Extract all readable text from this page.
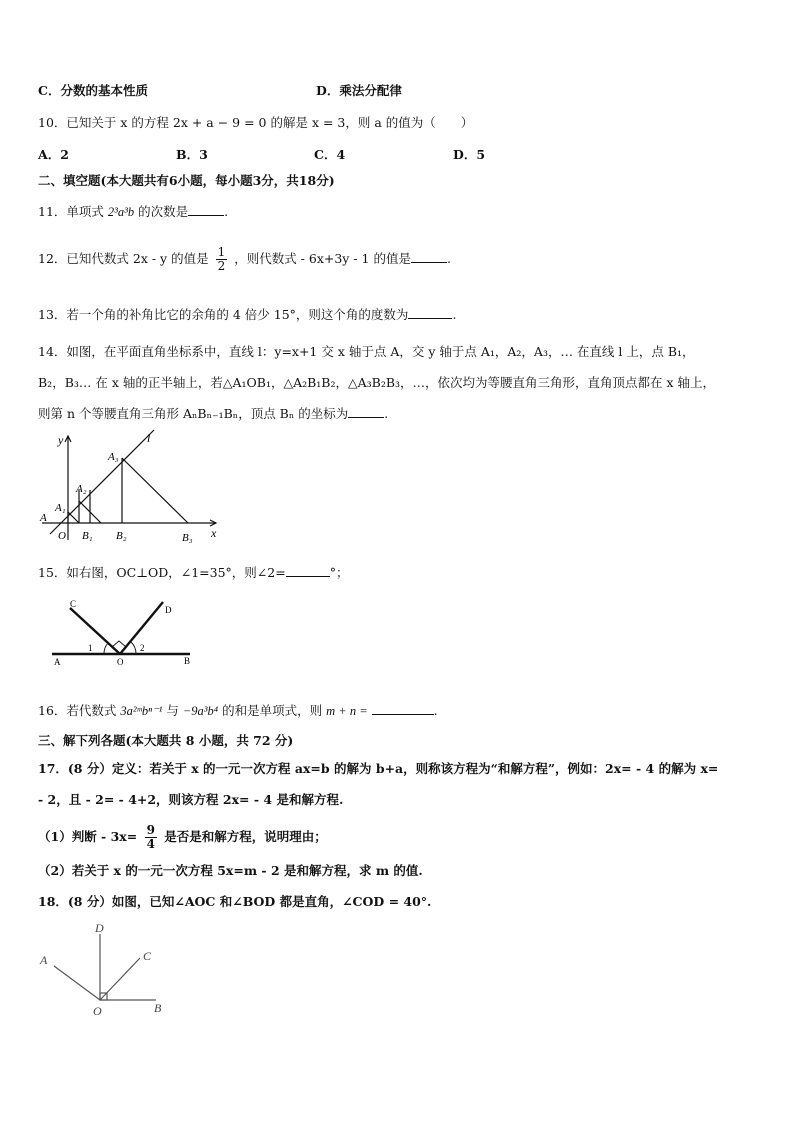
C．分数的基本性质	D．乘法分配律
10．已知关于 x 的方程 2x + a − 9 = 0 的解是 x = 3，则 a 的值为（　　）
A．2	B．3	C．4	D．5
二、填空题(本大题共有6小题，每小题3分，共18分)
11．单项式 2³a³b 的次数是	.
12．已知代数式 2x - y 的值是 $\frac{1}{2}$ ，则代数式 - 6x+3y - 1 的值是	.
13．若一个角的补角比它的余角的 4 倍少 15°，则这个角的度数为	.
14．如图，在平面直角坐标系中，直线 l：y=x+1 交 x 轴于点 A，交 y 轴于点 A₁，A₂，A₃，… 在直线 l 上，点 B₁，
B₂，B₃… 在 x 轴的正半轴上，若△A₁OB₁，△A₂B₁B₂，△A₃B₂B₃，…，依次均为等腰直角三角形，直角顶点都在 x 轴上，
则第 n 个等腰直角三角形 AₙBₙ₋₁Bₙ，顶点 Bₙ 的坐标为	.
y	l
A₃
A₂
A₁
A
O B₁ B₂	B₃ x
15．如右图，OC⊥OD，∠1=35°，则∠2=	°；
C
D
1	2
A	O	B
16．若代数式 3a²ᵐbⁿ⁻¹ 与 −9a³b⁴ 的和是单项式，则 m + n =	.
三、解下列各题(本大题共 8 小题，共 72 分)
17．(8 分）定义：若关于 x 的一元一次方程 ax=b 的解为 b+a，则称该方程为“和解方程”，例如：2x= - 4 的解为 x=
- 2，且 - 2= - 4+2，则该方程 2x= - 4 是和解方程.
（1）判断 - $3x= \frac{9}{4}$ 是否是和解方程，说明理由；
（2）若关于 x 的一元一次方程 5x=m - 2 是和解方程，求 m 的值.
18．(8 分）如图，已知∠AOC 和∠BOD 都是直角，∠COD = 40°.
D
A	C
O	B
